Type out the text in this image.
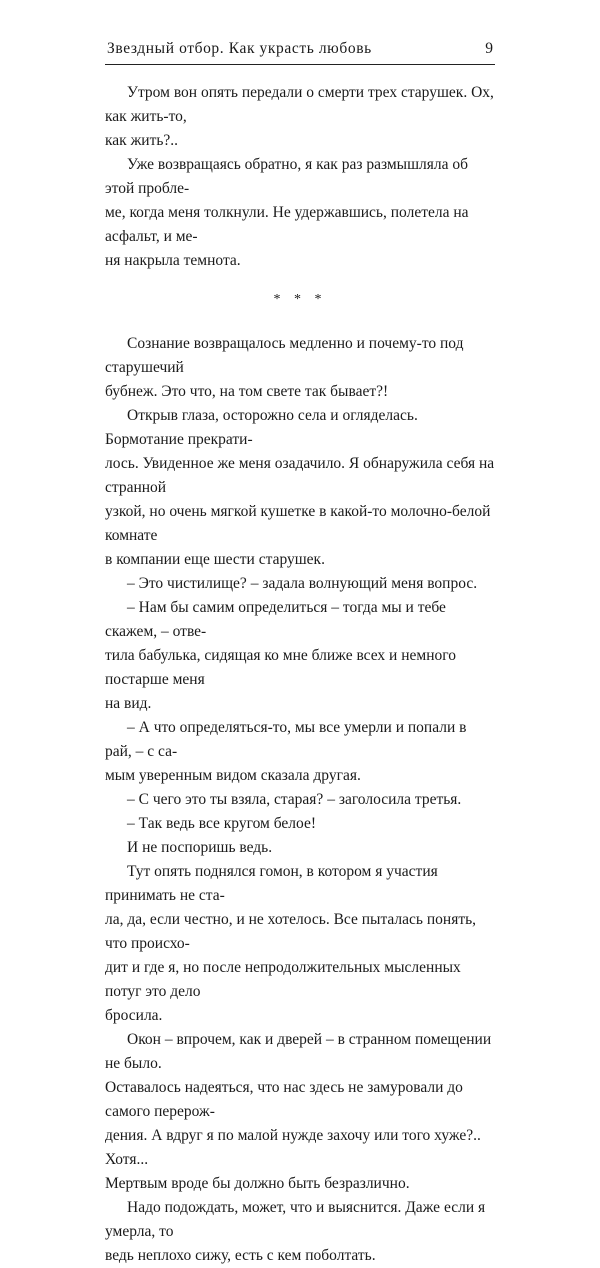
Звездный отбор. Как украсть любовь	9

Утром вон опять передали о смерти трех старушек. Ох, как жить-то,
как жить?..

Уже возвращаясь обратно, я как раз размышляла об этой пробле-
ме, когда меня толкнули. Не удержавшись, полетела на асфальт, и ме-
ня накрыла темнота.

* * *

Сознание возвращалось медленно и почему-то под старушечий
бубнеж. Это что, на том свете так бывает?!

Открыв глаза, осторожно села и огляделась. Бормотание прекрати-
лось. Увиденное же меня озадачило. Я обнаружила себя на странной
узкой, но очень мягкой кушетке в какой-то молочно-белой комнате
в компании еще шести старушек.

– Это чистилище? – задала волнующий меня вопрос.

– Нам бы самим определиться – тогда мы и тебе скажем, – отве-
тила бабулька, сидящая ко мне ближе всех и немного постарше меня
на вид.

– А что определяться-то, мы все умерли и попали в рай, – с са-
мым уверенным видом сказала другая.

– С чего это ты взяла, старая? – заголосила третья.

– Так ведь все кругом белое!

И не поспоришь ведь.

Тут опять поднялся гомон, в котором я участия принимать не ста-
ла, да, если честно, и не хотелось. Все пыталась понять, что происхо-
дит и где я, но после непродолжительных мысленных потуг это дело
бросила.

Окон – впрочем, как и дверей – в странном помещении не было.
Оставалось надеяться, что нас здесь не замуровали до самого перерож-
дения. А вдруг я по малой нужде захочу или того хуже?.. Хотя...
Мертвым вроде бы должно быть безразлично.

Надо подождать, может, что и выяснится. Даже если я умерла, то
ведь неплохо сижу, есть с кем поболтать.
